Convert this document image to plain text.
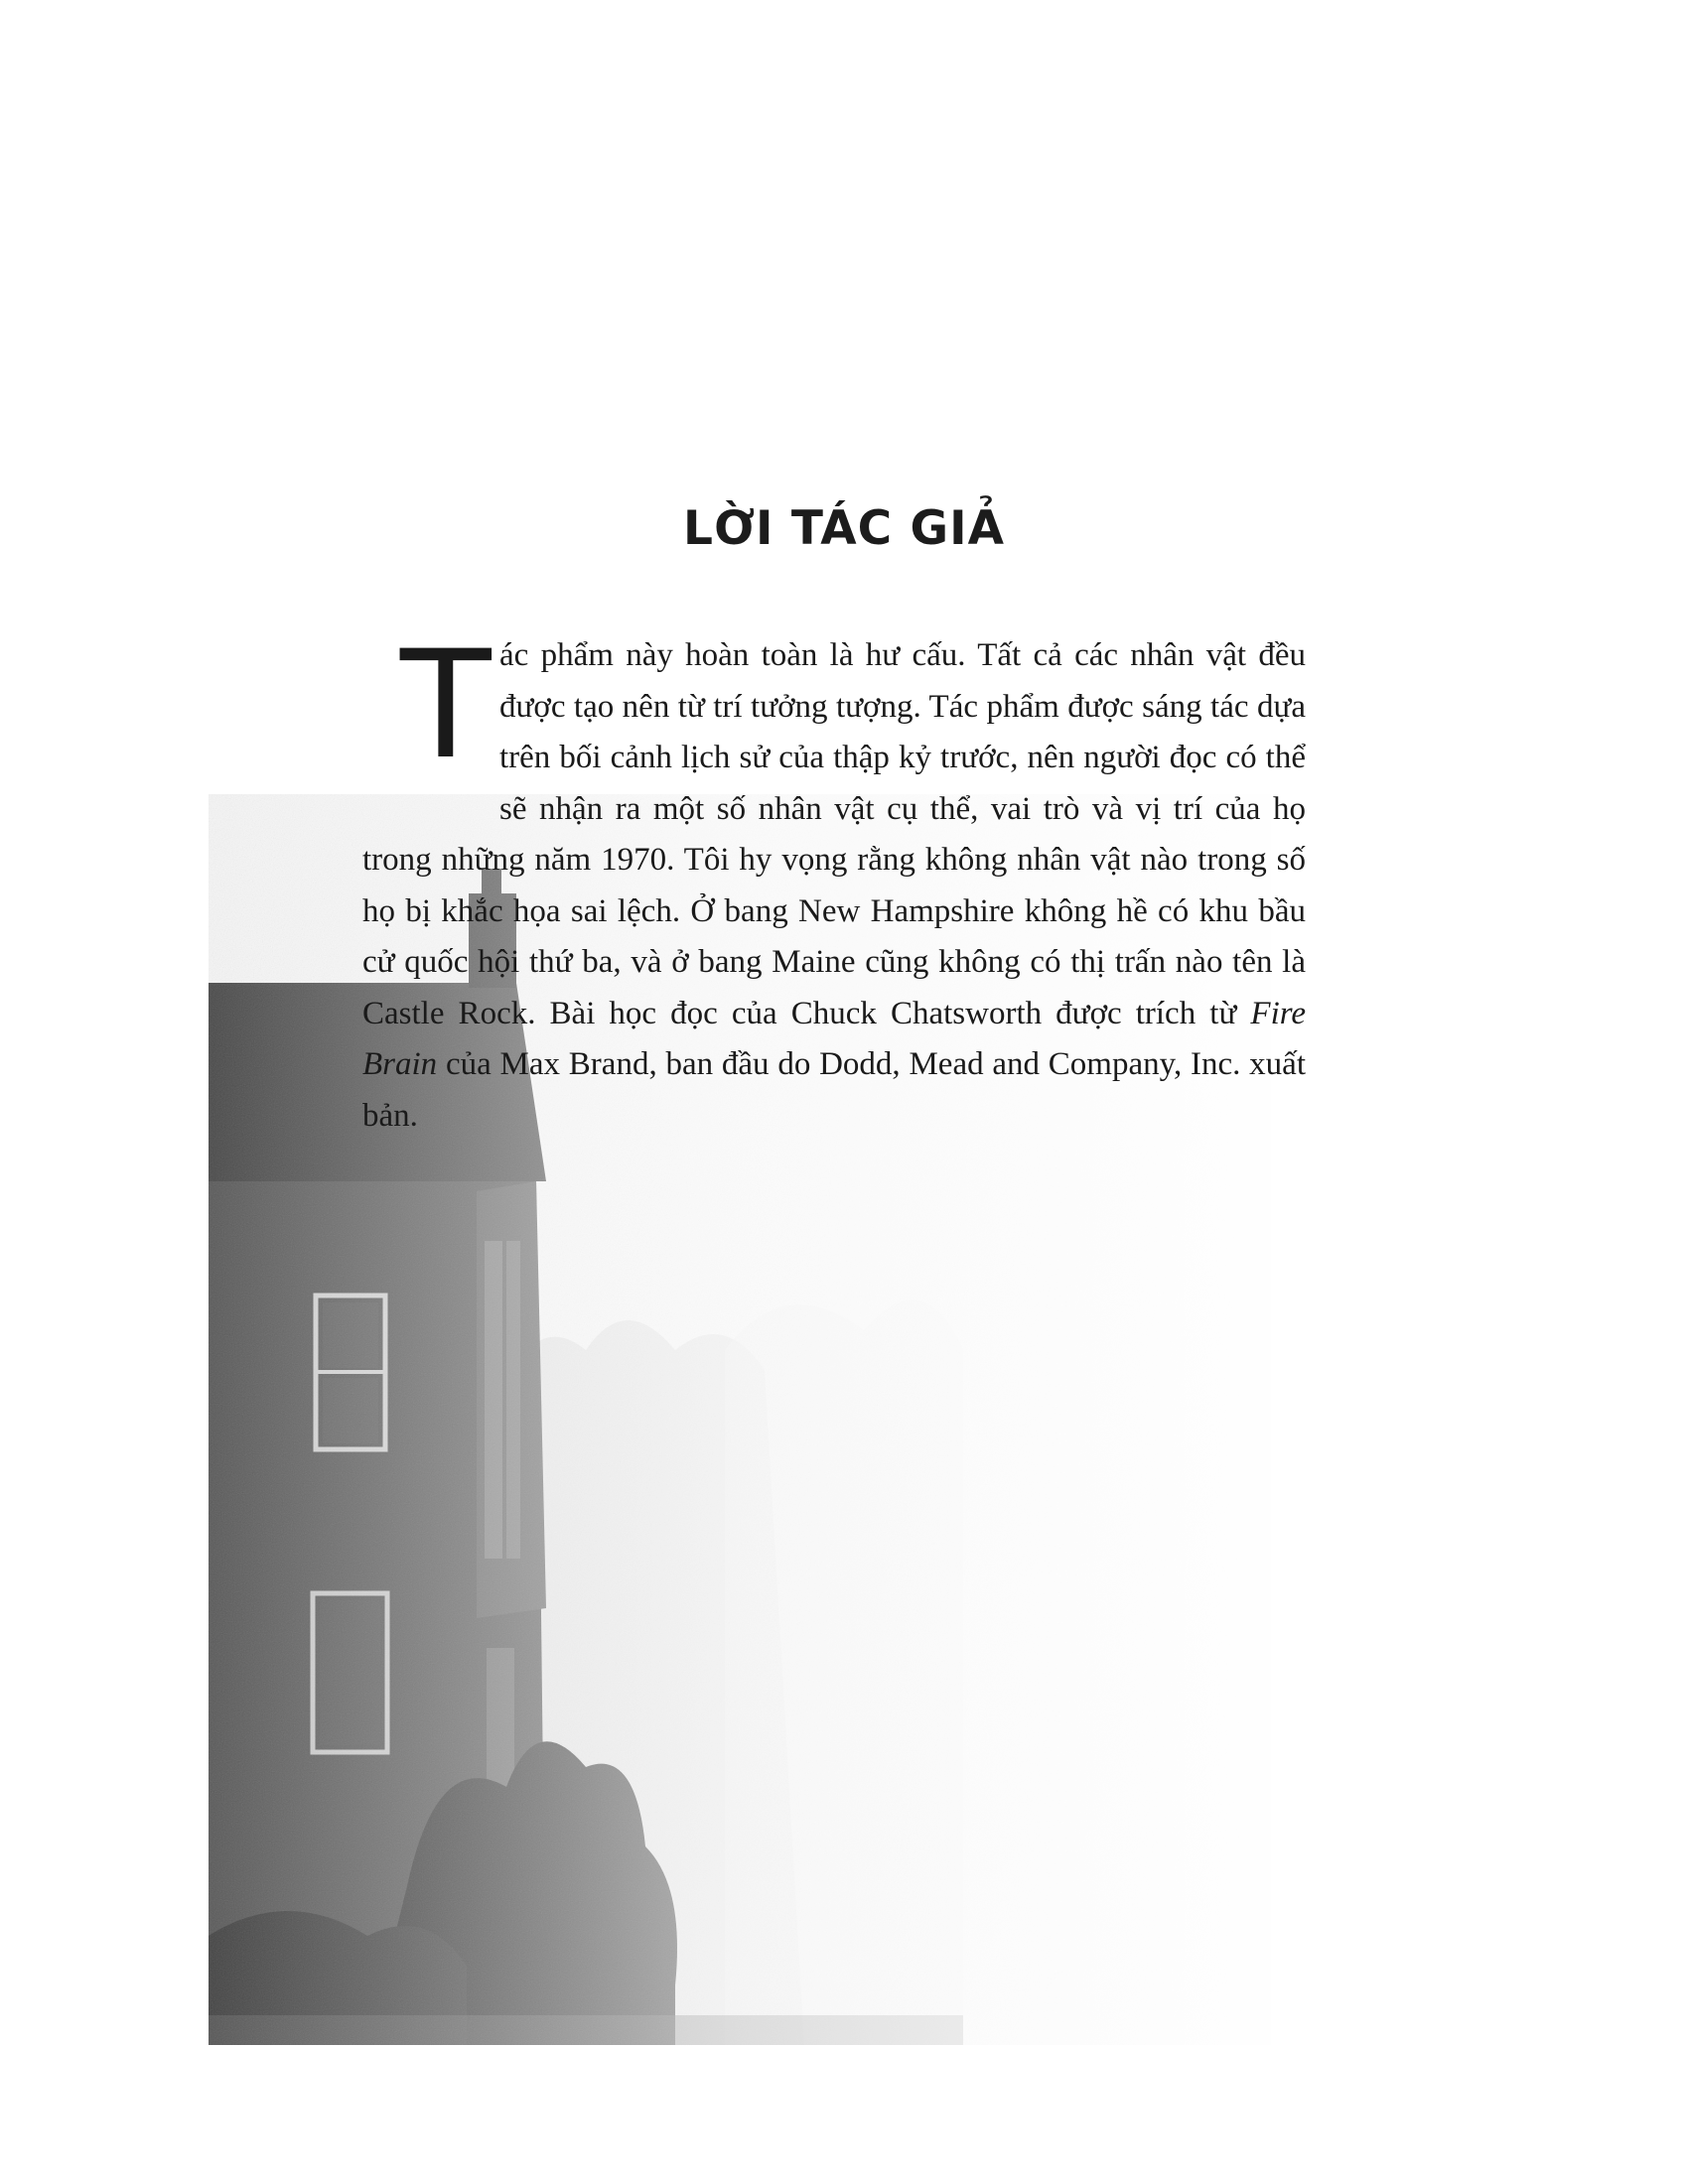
LỜI TÁC GIẢ
T ác phẩm này hoàn toàn là hư cấu. Tất cả các nhân vật đều được tạo nên từ trí tưởng tượng. Tác phẩm được sáng tác dựa trên bối cảnh lịch sử của thập kỷ trước, nên người đọc có thể sẽ nhận ra một số nhân vật cụ thể, vai trò và vị trí của họ trong những năm 1970. Tôi hy vọng rằng không nhân vật nào trong số họ bị khắc họa sai lệch. Ở bang New Hampshire không hề có khu bầu cử quốc hội thứ ba, và ở bang Maine cũng không có thị trấn nào tên là Castle Rock. Bài học đọc của Chuck Chatsworth được trích từ Fire Brain của Max Brand, ban đầu do Dodd, Mead and Company, Inc. xuất bản.
